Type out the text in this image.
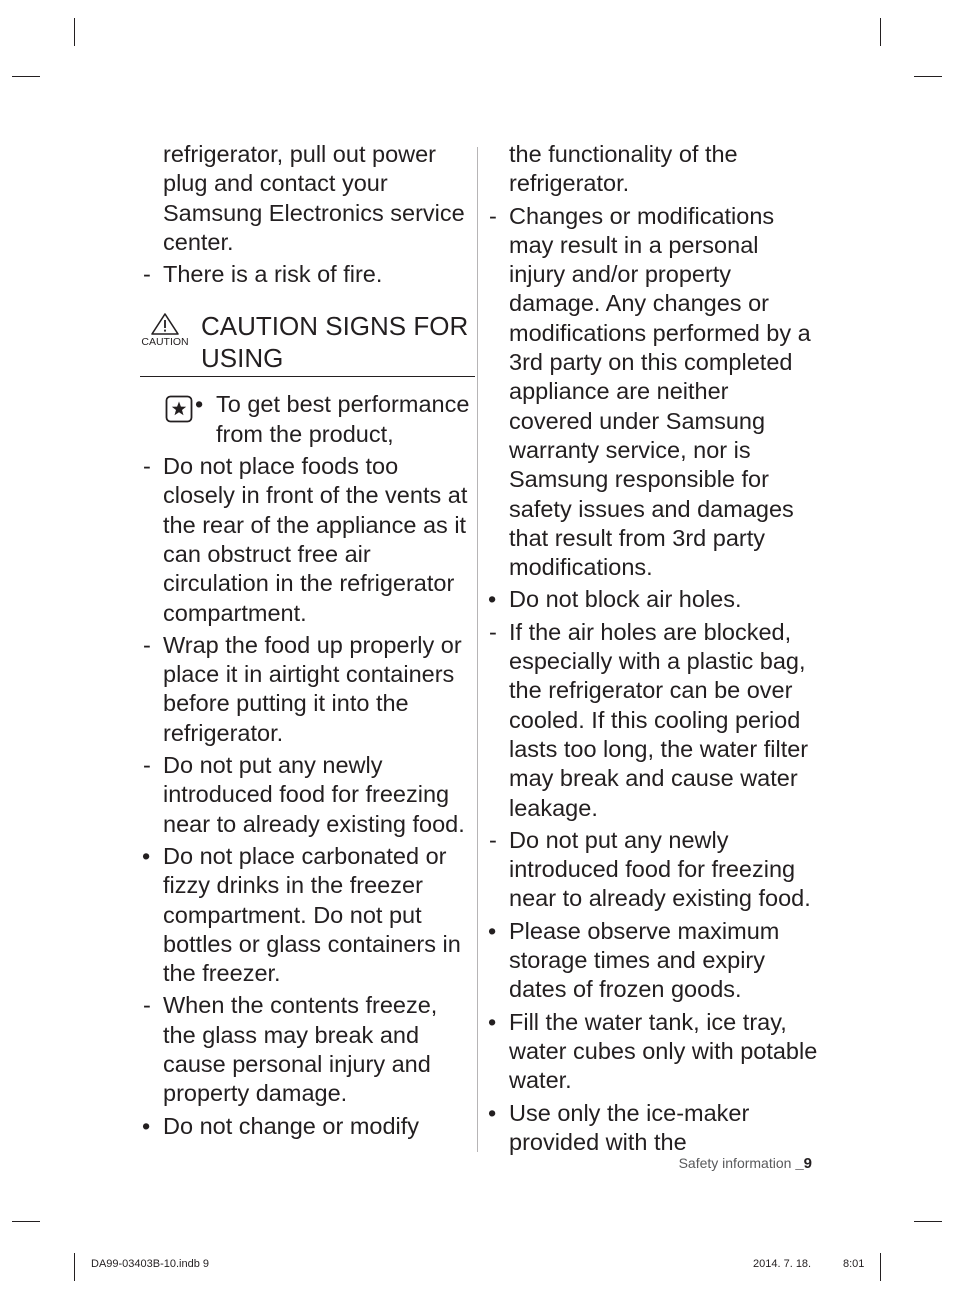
refrigerator, pull out power plug and contact your Samsung Electronics service center.
- There is a risk of fire.
CAUTION
CAUTION SIGNS FOR USING
• To get best performance from the product,
- Do not place foods too closely in front of the vents at the rear of the appliance as it can obstruct free air circulation in the refrigerator compartment.
- Wrap the food up properly or place it in airtight containers before putting it into the refrigerator.
- Do not put any newly introduced food for freezing near to already existing food.
• Do not place carbonated or fizzy drinks in the freezer compartment. Do not put bottles or glass containers in the freezer.
- When the contents freeze, the glass may break and cause personal injury and property damage.
• Do not change or modify
the functionality of the refrigerator.
- Changes or modifications may result in a personal injury and/or property damage. Any changes or modifications performed by a 3rd party on this completed appliance are neither covered under Samsung warranty service, nor is Samsung responsible for safety issues and damages that result from 3rd party modifications.
• Do not block air holes.
- If the air holes are blocked, especially with a plastic bag, the refrigerator can be over cooled. If this cooling period lasts too long, the water filter may break and cause water leakage.
- Do not put any newly introduced food for freezing near to already existing food.
• Please observe maximum storage times and expiry dates of frozen goods.
• Fill the water tank, ice tray, water cubes only with potable water.
• Use only the ice-maker provided with the
Safety information _9
DA99-03403B-10.indb 9	2014. 7. 18.	8:01
